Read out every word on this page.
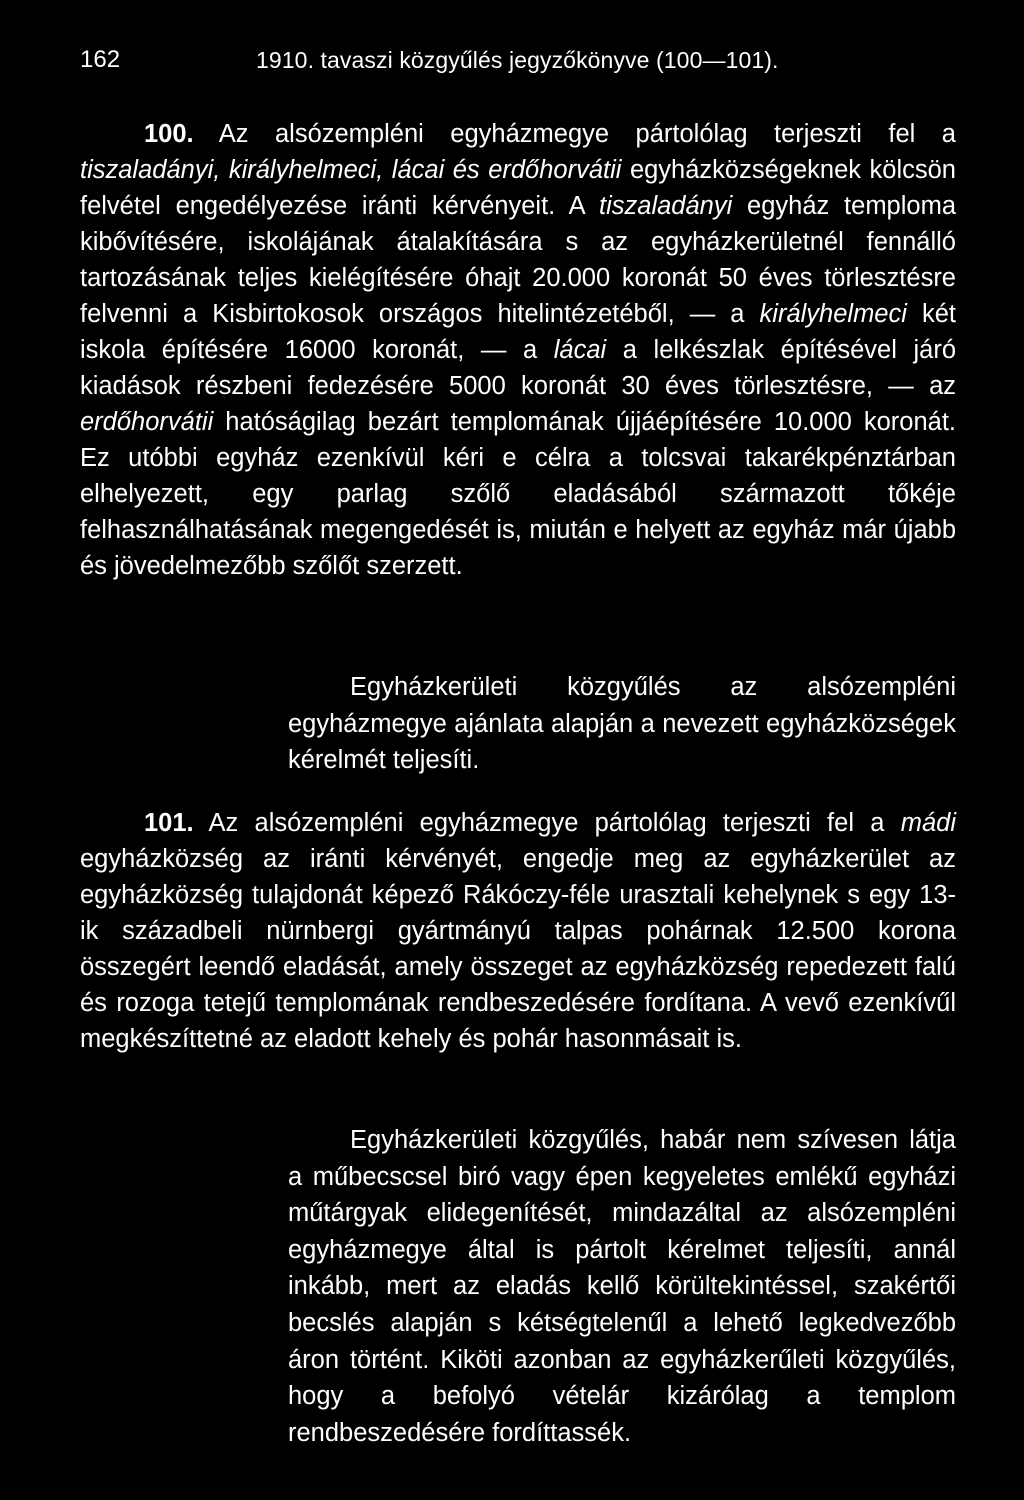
162	1910. tavaszi közgyűlés jegyzőkönyve (100—101).

100. Az alsózempléni egyházmegye pártolólag terjeszti fel a tiszaladányi, királyhelmeci, lácai és erdőhorvátii egyházközségeknek kölcsön felvétel engedélyezése iránti kérvényeit. A tiszaladányi egyház temploma kibővítésére, iskolájának átalakítására s az egyházkerületnél fennálló tartozásának teljes kielégítésére óhajt 20.000 koronát 50 éves törlesztésre felvenni a Kisbirtokosok országos hitelintézetéből, — a királyhelmeci két iskola építésére 16000 koronát, — a lácai a lelkészlak építésével járó kiadások részbeni fedezésére 5000 koronát 30 éves törlesztésre, — az erdőhorvátii hatóságilag bezárt templomának újjáépítésére 10.000 koronát. Ez utóbbi egyház ezenkívül kéri e célra a tolcsvai takarékpénztárban elhelyezett, egy parlag szőlő eladásából származott tőkéje felhasználhatásának megengedését is, miután e helyett az egyház már újabb és jövedelmezőbb szőlőt szerzett.

Egyházkerületi közgyűlés az alsózempléni egyházmegye ajánlata alapján a nevezett egyházközségek kérelmét teljesíti.

101. Az alsózempléni egyházmegye pártolólag terjeszti fel a mádi egyházközség az iránti kérvényét, engedje meg az egyházkerület az egyházközség tulajdonát képező Rákóczy-féle urasztali kehelynek s egy 13-ik századbeli nürnbergi gyártmányú talpas pohárnak 12.500 korona összegért leendő eladását, amely összeget az egyházközség repedezett falú és rozoga tetejű templomának rendbeszedésére fordítana. A vevő ezenkívűl megkészíttetné az eladott kehely és pohár hasonmásait is.

Egyházkerületi közgyűlés, habár nem szívesen látja a műbecscsel biró vagy épen kegyeletes emlékű egyházi műtárgyak elidegenítését, mindazáltal az alsózempléni egyházmegye által is pártolt kérelmet teljesíti, annál inkább, mert az eladás kellő körültekintéssel, szakértői becslés alapján s kétségtelenűl a lehető legkedvezőbb áron történt. Kiköti azonban az egyházkerűleti közgyűlés, hogy a befolyó vételár kizárólag a templom rendbeszedésére fordíttassék.
